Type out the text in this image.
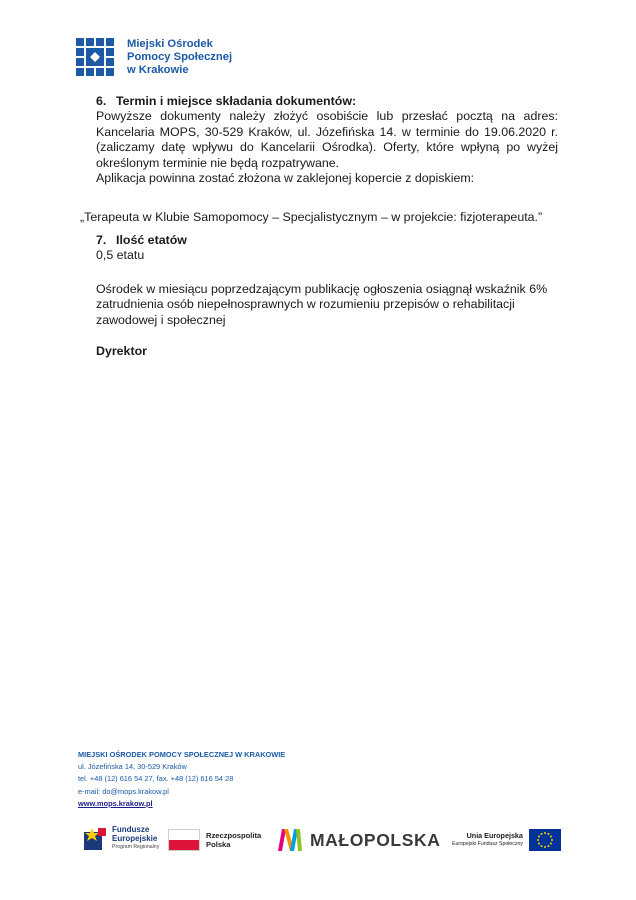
Miejski Ośrodek
Pomocy Społecznej
w Krakowie
6. Termin i miejsce składania dokumentów:

Powyższe dokumenty należy złożyć osobiście lub przesłać pocztą na adres: Kancelaria MOPS, 30-529 Kraków, ul. Józefińska 14. w terminie do 19.06.2020 r. (zaliczamy datę wpływu do Kancelarii Ośrodka). Oferty, które wpłyną po wyżej określonym terminie nie będą rozpatrywane.

Aplikacja powinna zostać złożona w zaklejonej kopercie z dopiskiem:

„Terapeuta w Klubie Samopomocy – Specjalistycznym – w projekcie: fizjoterapeuta.”
7. Ilość etatów
0,5 etatu
Ośrodek w miesiącu poprzedzającym publikację ogłoszenia osiągnął wskaźnik 6% zatrudnienia osób niepełnosprawnych w rozumieniu przepisów o rehabilitacji zawodowej i społecznej
Dyrektor
MIEJSKI OŚRODEK POMOCY SPOŁECZNEJ W KRAKOWIE
ul. Józefińska 14, 30-529 Kraków
tel. +48 (12) 616 54 27, fax. +48 (12) 616 54 28
e-mail: do@mops.krakow.pl
www.mops.krakow.pl
Fundusze
Europejskie
Program Regionalny
Rzeczpospolita
Polska	MAŁOPOLSKA	Unia Europejska
Europejski Fundusz Społeczny
